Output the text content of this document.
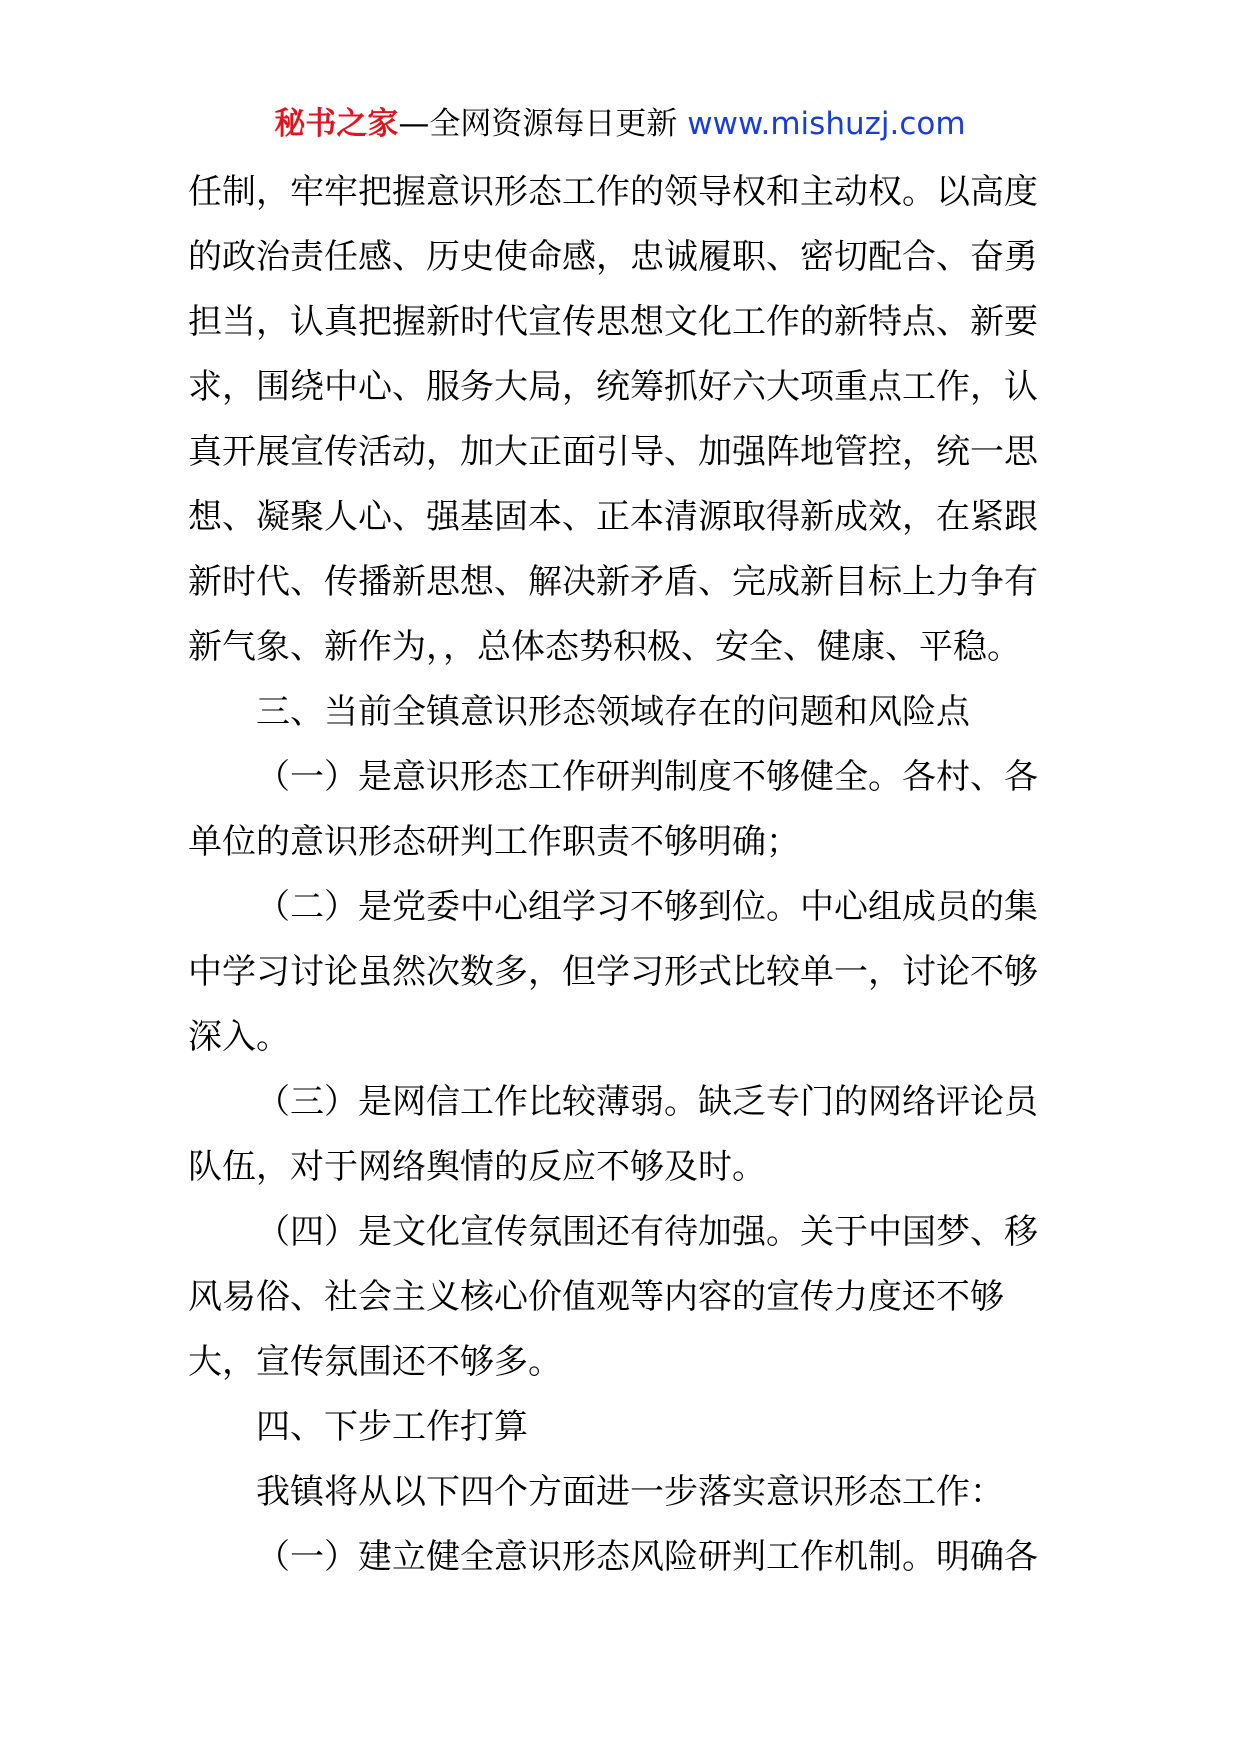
秘书之家—全网资源每日更新 www.mishuzj.com
任制，牢牢把握意识形态工作的领导权和主动权。以高度
的政治责任感、历史使命感，忠诚履职、密切配合、奋勇
担当，认真把握新时代宣传思想文化工作的新特点、新要
求，围绕中心、服务大局，统筹抓好六大项重点工作，认
真开展宣传活动，加大正面引导、加强阵地管控，统一思
想、凝聚人心、强基固本、正本清源取得新成效，在紧跟
新时代、传播新思想、解决新矛盾、完成新目标上力争有
新气象、新作为，，总体态势积极、安全、健康、平稳。
三、当前全镇意识形态领域存在的问题和风险点
（一）是意识形态工作研判制度不够健全。各村、各
单位的意识形态研判工作职责不够明确；
（二）是党委中心组学习不够到位。中心组成员的集
中学习讨论虽然次数多，但学习形式比较单一，讨论不够
深入。
（三）是网信工作比较薄弱。缺乏专门的网络评论员
队伍，对于网络舆情的反应不够及时。
（四）是文化宣传氛围还有待加强。关于中国梦、移
风易俗、社会主义核心价值观等内容的宣传力度还不够
大，宣传氛围还不够多。
四、下步工作打算
我镇将从以下四个方面进一步落实意识形态工作：
（一）建立健全意识形态风险研判工作机制。明确各
